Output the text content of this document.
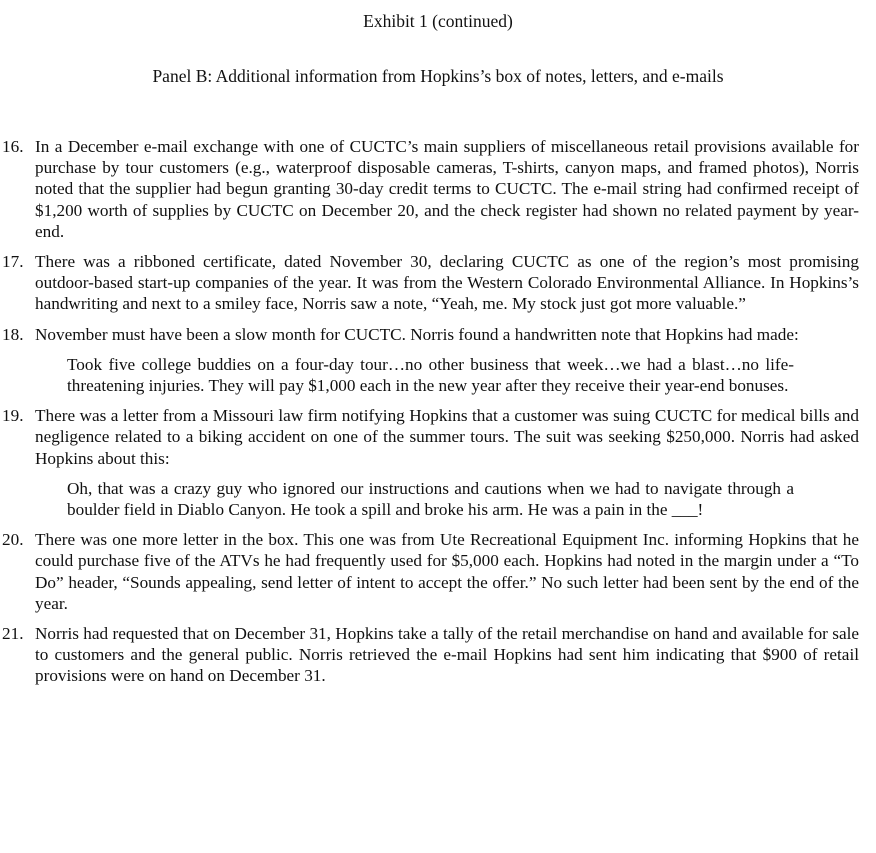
Exhibit 1 (continued)
Panel B: Additional information from Hopkins’s box of notes, letters, and e-mails
16. In a December e-mail exchange with one of CUCTC’s main suppliers of miscellaneous retail provisions available for purchase by tour customers (e.g., waterproof disposable cameras, T-shirts, canyon maps, and framed photos), Norris noted that the supplier had begun granting 30-day credit terms to CUCTC. The e-mail string had confirmed receipt of $1,200 worth of supplies by CUCTC on December 20, and the check register had shown no related payment by year-end.
17. There was a ribboned certificate, dated November 30, declaring CUCTC as one of the region’s most promising outdoor-based start-up companies of the year. It was from the Western Colorado Environmental Alliance. In Hopkins’s handwriting and next to a smiley face, Norris saw a note, “Yeah, me. My stock just got more valuable.”
18. November must have been a slow month for CUCTC. Norris found a handwritten note that Hopkins had made:
Took five college buddies on a four-day tour…no other business that week…we had a blast…no life-threatening injuries. They will pay $1,000 each in the new year after they receive their year-end bonuses.
19. There was a letter from a Missouri law firm notifying Hopkins that a customer was suing CUCTC for medical bills and negligence related to a biking accident on one of the summer tours. The suit was seeking $250,000. Norris had asked Hopkins about this:
Oh, that was a crazy guy who ignored our instructions and cautions when we had to navigate through a boulder field in Diablo Canyon. He took a spill and broke his arm. He was a pain in the ___!
20. There was one more letter in the box. This one was from Ute Recreational Equipment Inc. informing Hopkins that he could purchase five of the ATVs he had frequently used for $5,000 each. Hopkins had noted in the margin under a “To Do” header, “Sounds appealing, send letter of intent to accept the offer.” No such letter had been sent by the end of the year.
21. Norris had requested that on December 31, Hopkins take a tally of the retail merchandise on hand and available for sale to customers and the general public. Norris retrieved the e-mail Hopkins had sent him indicating that $900 of retail provisions were on hand on December 31.
